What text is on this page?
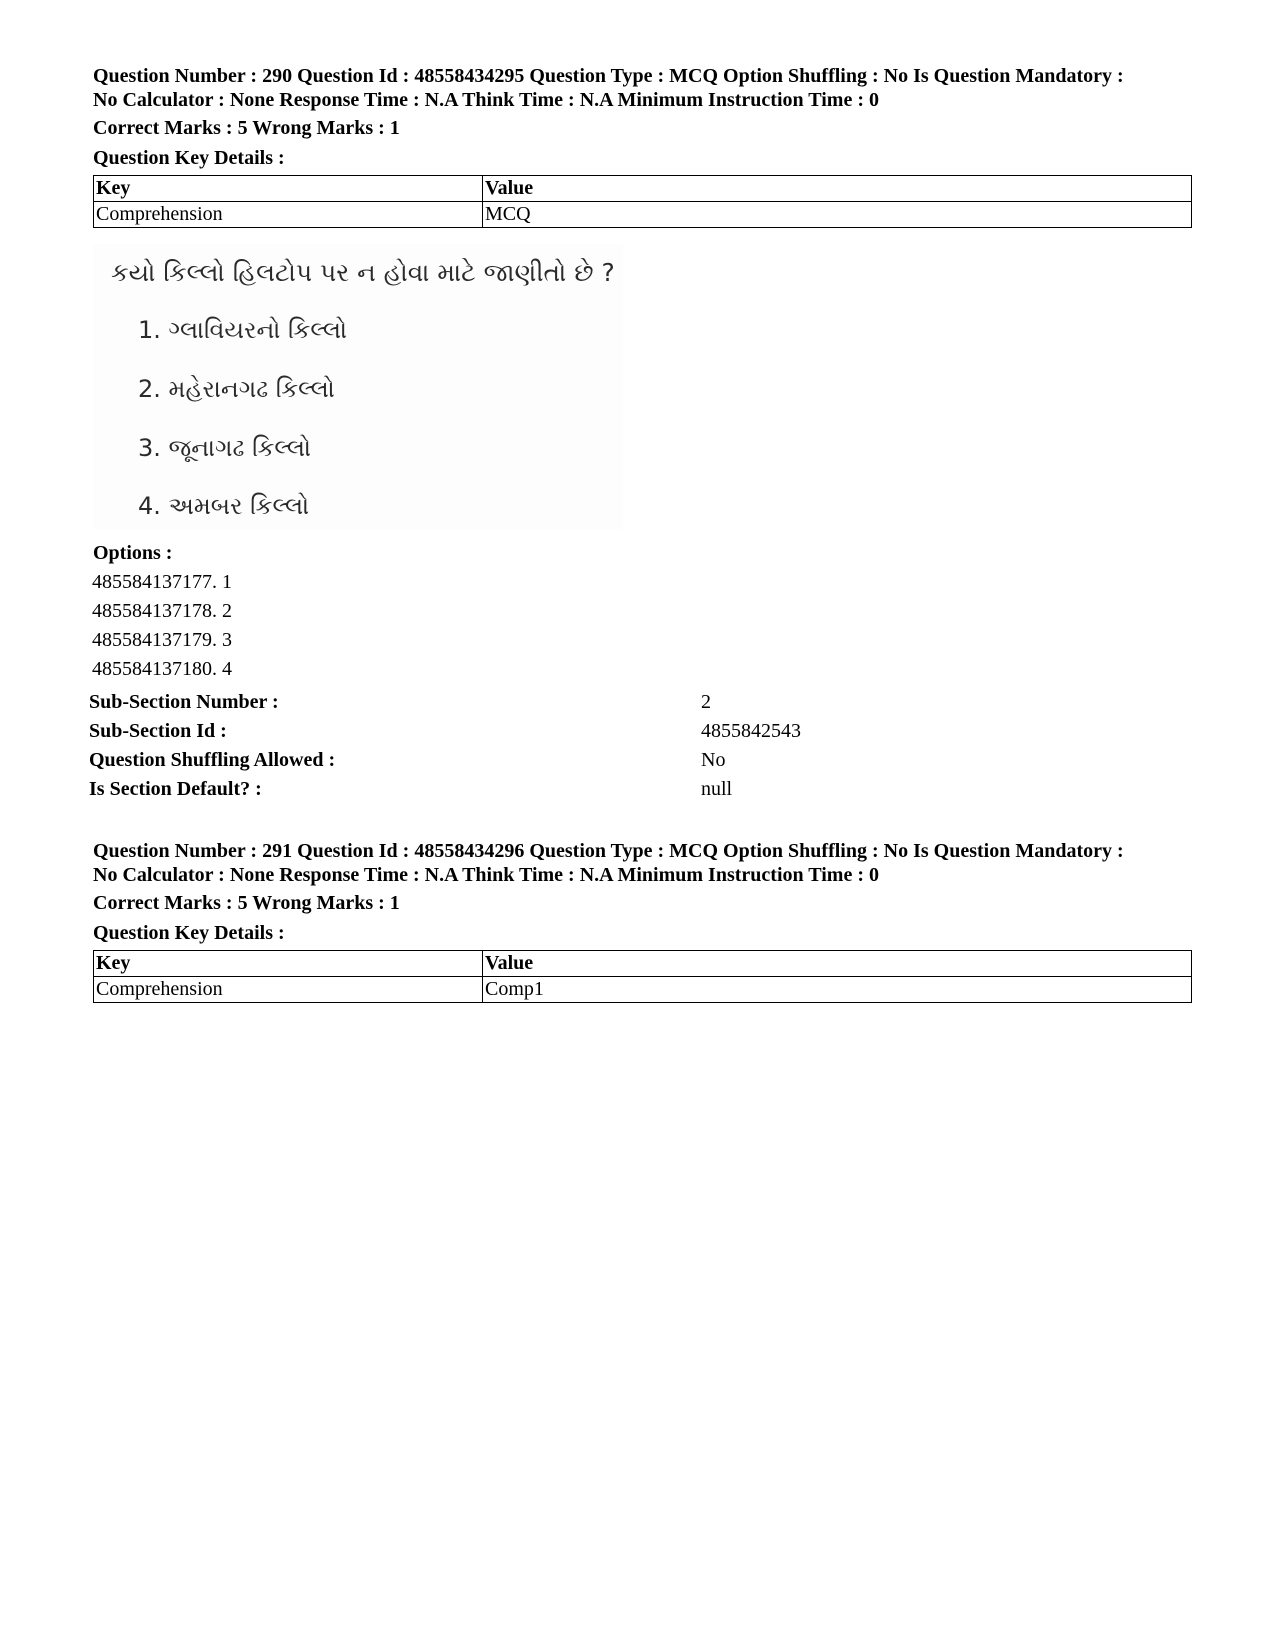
Question Number : 290 Question Id : 48558434295 Question Type : MCQ Option Shuffling : No Is Question Mandatory :
No Calculator : None Response Time : N.A Think Time : N.A Minimum Instruction Time : 0
Correct Marks : 5 Wrong Marks : 1
Question Key Details :
Key	Value
Comprehension	MCQ
કયો કિલ્લો હિલટોપ પર ન હોવા માટે જાણીતો છે ?
1. ગ્લાવિયરનો કિલ્લો
2. મહેરાનગઢ કિલ્લો
3. જૂનાગઢ કિલ્લો
4. અમબર કિલ્લો
Options :
485584137177. 1
485584137178. 2
485584137179. 3
485584137180. 4
Sub-Section Number :	2
Sub-Section Id :	4855842543
Question Shuffling Allowed :	No
Is Section Default? :	null
Question Number : 291 Question Id : 48558434296 Question Type : MCQ Option Shuffling : No Is Question Mandatory :
No Calculator : None Response Time : N.A Think Time : N.A Minimum Instruction Time : 0
Correct Marks : 5 Wrong Marks : 1
Question Key Details :
Key	Value
Comprehension	Comp1
